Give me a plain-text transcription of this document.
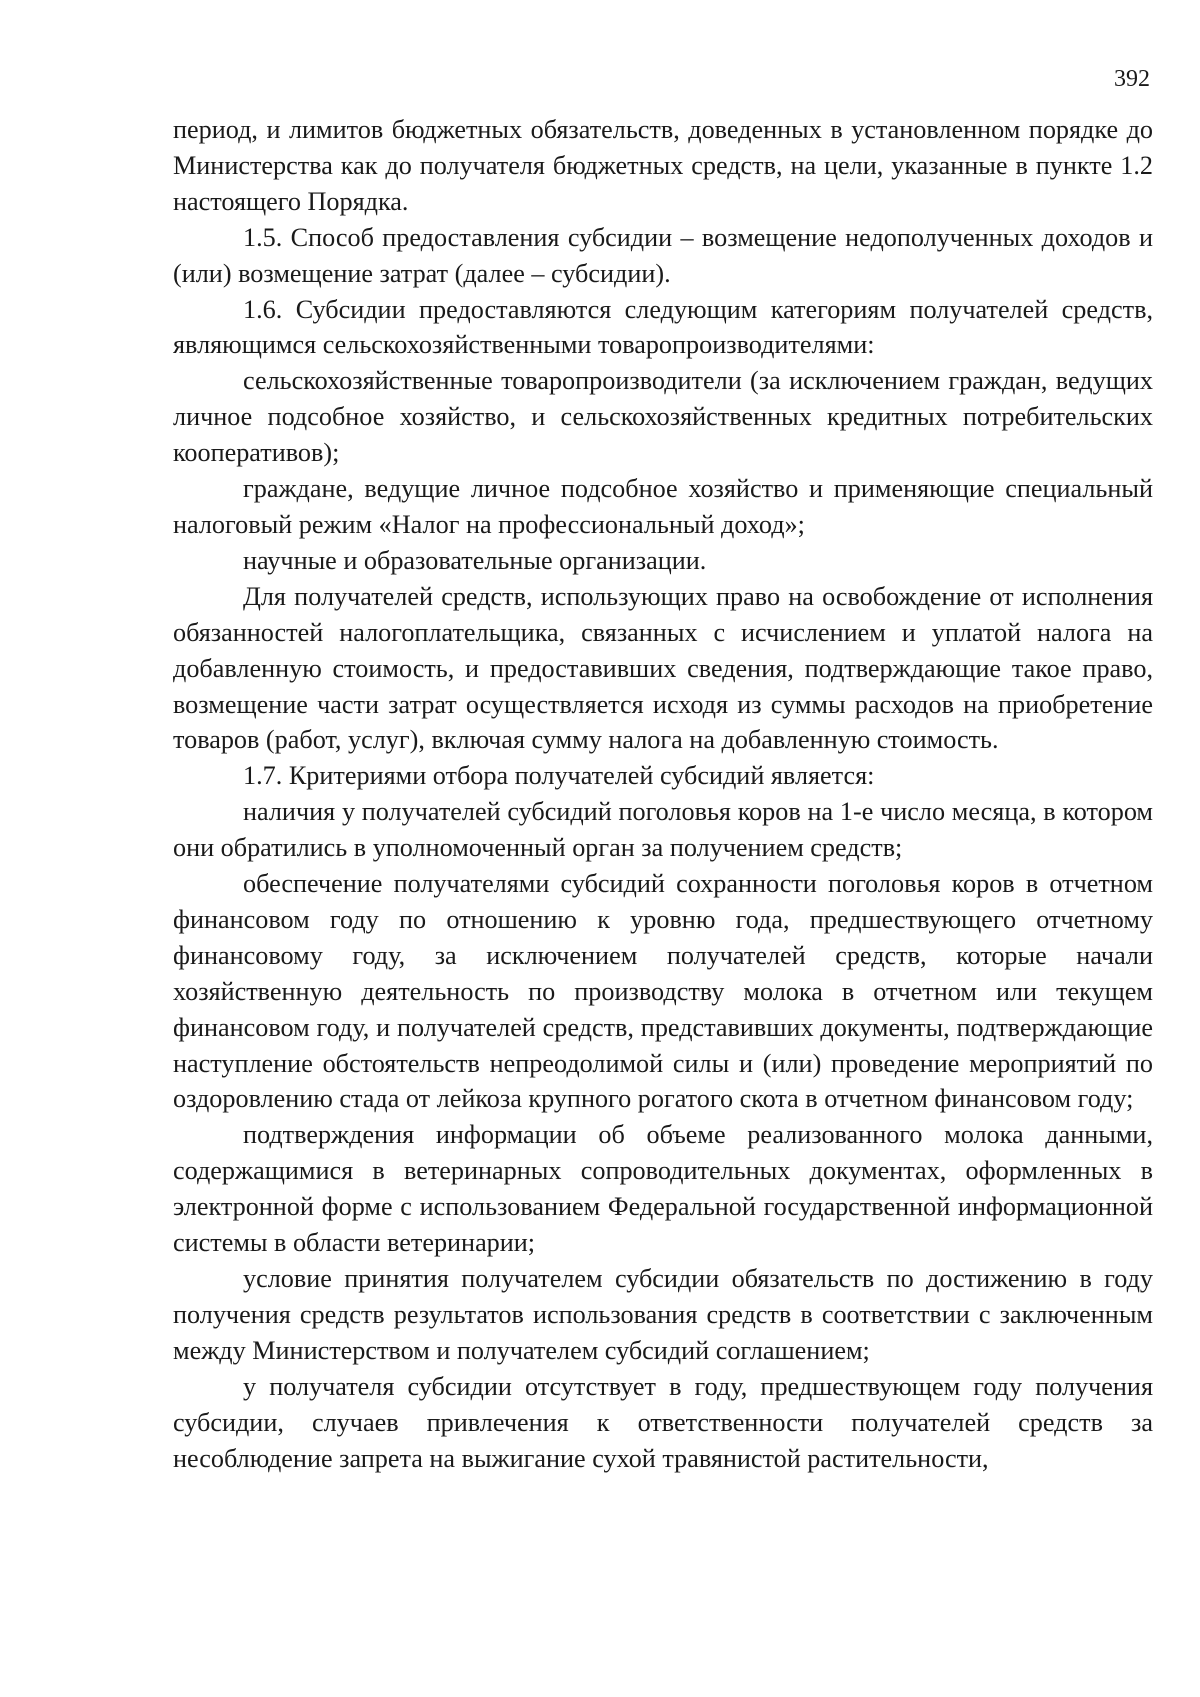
392

период, и лимитов бюджетных обязательств, доведенных в установленном порядке до Министерства как до получателя бюджетных средств, на цели, указанные в пункте 1.2 настоящего Порядка.

1.5. Способ предоставления субсидии – возмещение недополученных доходов и (или) возмещение затрат (далее – субсидии).

1.6. Субсидии предоставляются следующим категориям получателей средств, являющимся сельскохозяйственными товаропроизводителями:

сельскохозяйственные товаропроизводители (за исключением граждан, ведущих личное подсобное хозяйство, и сельскохозяйственных кредитных потребительских кооперативов);

граждане, ведущие личное подсобное хозяйство и применяющие специальный налоговый режим «Налог на профессиональный доход»;

научные и образовательные организации.

Для получателей средств, использующих право на освобождение от исполнения обязанностей налогоплательщика, связанных с исчислением и уплатой налога на добавленную стоимость, и предоставивших сведения, подтверждающие такое право, возмещение части затрат осуществляется исходя из суммы расходов на приобретение товаров (работ, услуг), включая сумму налога на добавленную стоимость.

1.7. Критериями отбора получателей субсидий является:

наличия у получателей субсидий поголовья коров на 1-е число месяца, в котором они обратились в уполномоченный орган за получением средств;

обеспечение получателями субсидий сохранности поголовья коров в отчетном финансовом году по отношению к уровню года, предшествующего отчетному финансовому году, за исключением получателей средств, которые начали хозяйственную деятельность по производству молока в отчетном или текущем финансовом году, и получателей средств, представивших документы, подтверждающие наступление обстоятельств непреодолимой силы и (или) проведение мероприятий по оздоровлению стада от лейкоза крупного рогатого скота в отчетном финансовом году;

подтверждения информации об объеме реализованного молока данными, содержащимися в ветеринарных сопроводительных документах, оформленных в электронной форме с использованием Федеральной государственной информационной системы в области ветеринарии;

условие принятия получателем субсидии обязательств по достижению в году получения средств результатов использования средств в соответствии с заключенным между Министерством и получателем субсидий соглашением;

у получателя субсидии отсутствует в году, предшествующем году получения субсидии, случаев привлечения к ответственности получателей средств за несоблюдение запрета на выжигание сухой травянистой растительности,
